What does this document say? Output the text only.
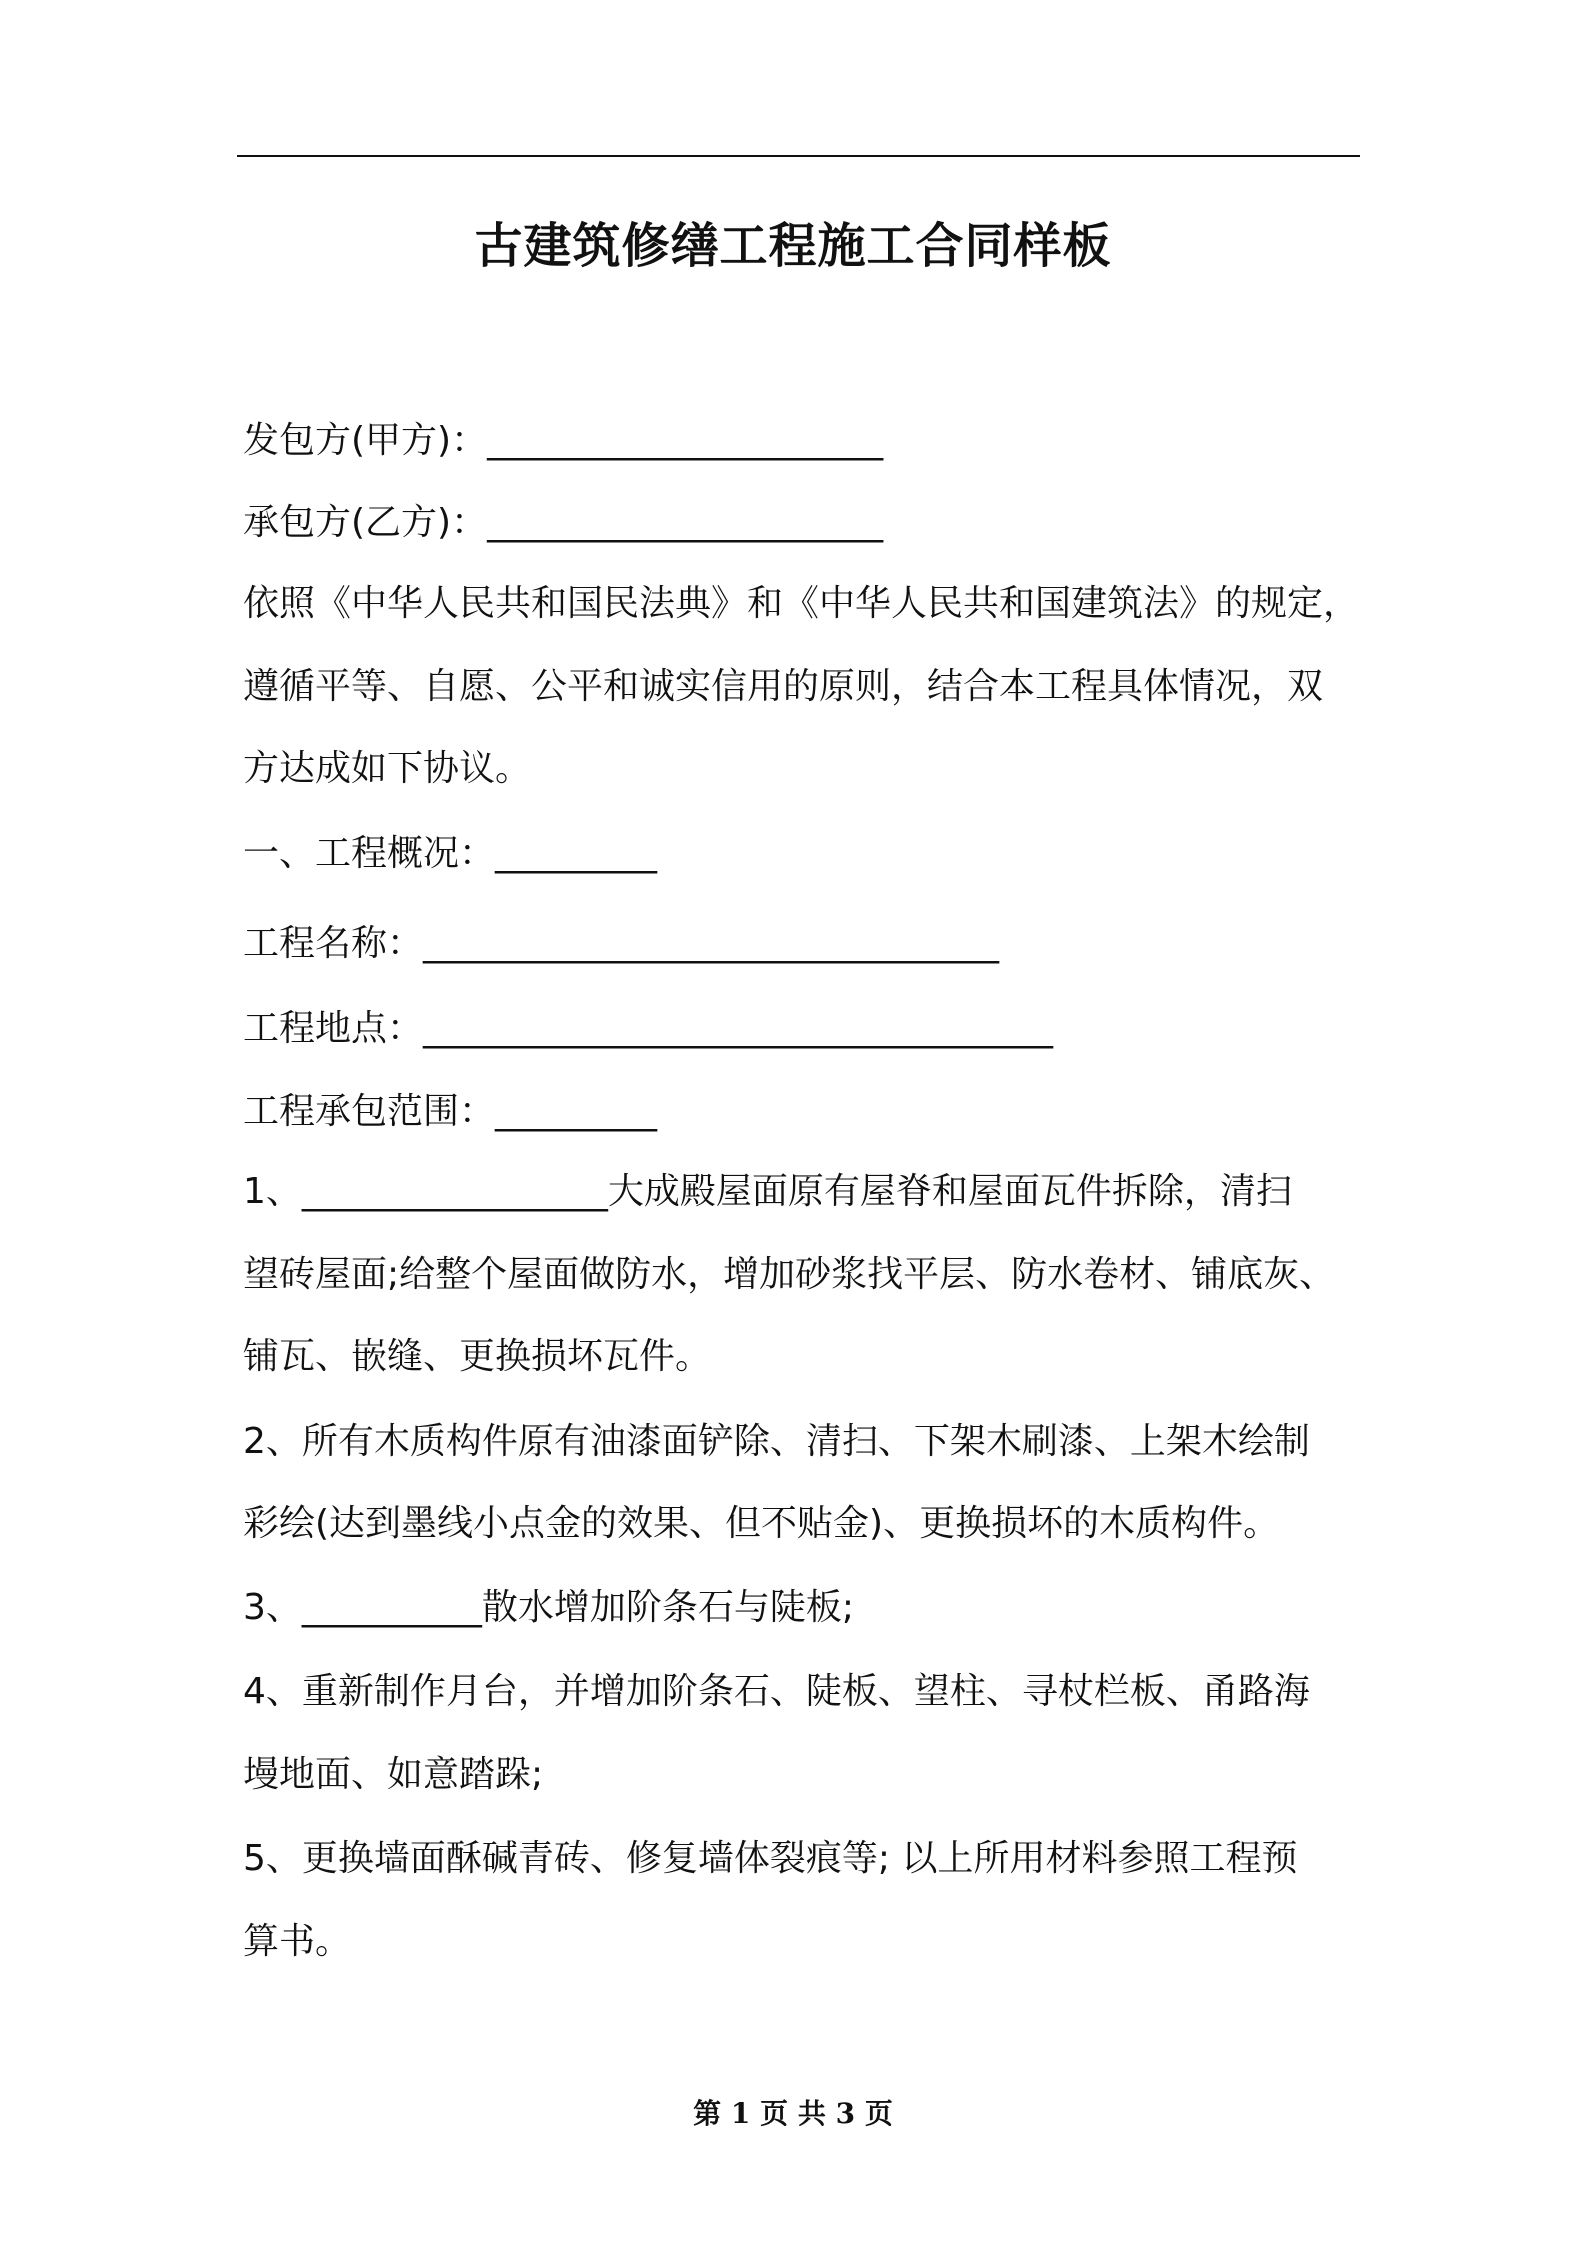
古建筑修缮工程施工合同样板
发包方(甲方)：______________________
承包方(乙方)：______________________
依照《中华人民共和国民法典》和《中华人民共和国建筑法》的规定，
遵循平等、自愿、公平和诚实信用的原则，结合本工程具体情况，双
方达成如下协议。
一、工程概况：_________
工程名称：________________________________
工程地点：___________________________________
工程承包范围：_________
1、_________________大成殿屋面原有屋脊和屋面瓦件拆除，清扫
望砖屋面;给整个屋面做防水，增加砂浆找平层、防水卷材、铺底灰、
铺瓦、嵌缝、更换损坏瓦件。
2、所有木质构件原有油漆面铲除、清扫、下架木刷漆、上架木绘制
彩绘(达到墨线小点金的效果、但不贴金)、更换损坏的木质构件。
3、__________散水增加阶条石与陡板;
4、重新制作月台，并增加阶条石、陡板、望柱、寻杖栏板、甬路海
墁地面、如意踏跺;
5、更换墙面酥碱青砖、修复墙体裂痕等; 以上所用材料参照工程预
算书。
第 1 页 共 3 页
